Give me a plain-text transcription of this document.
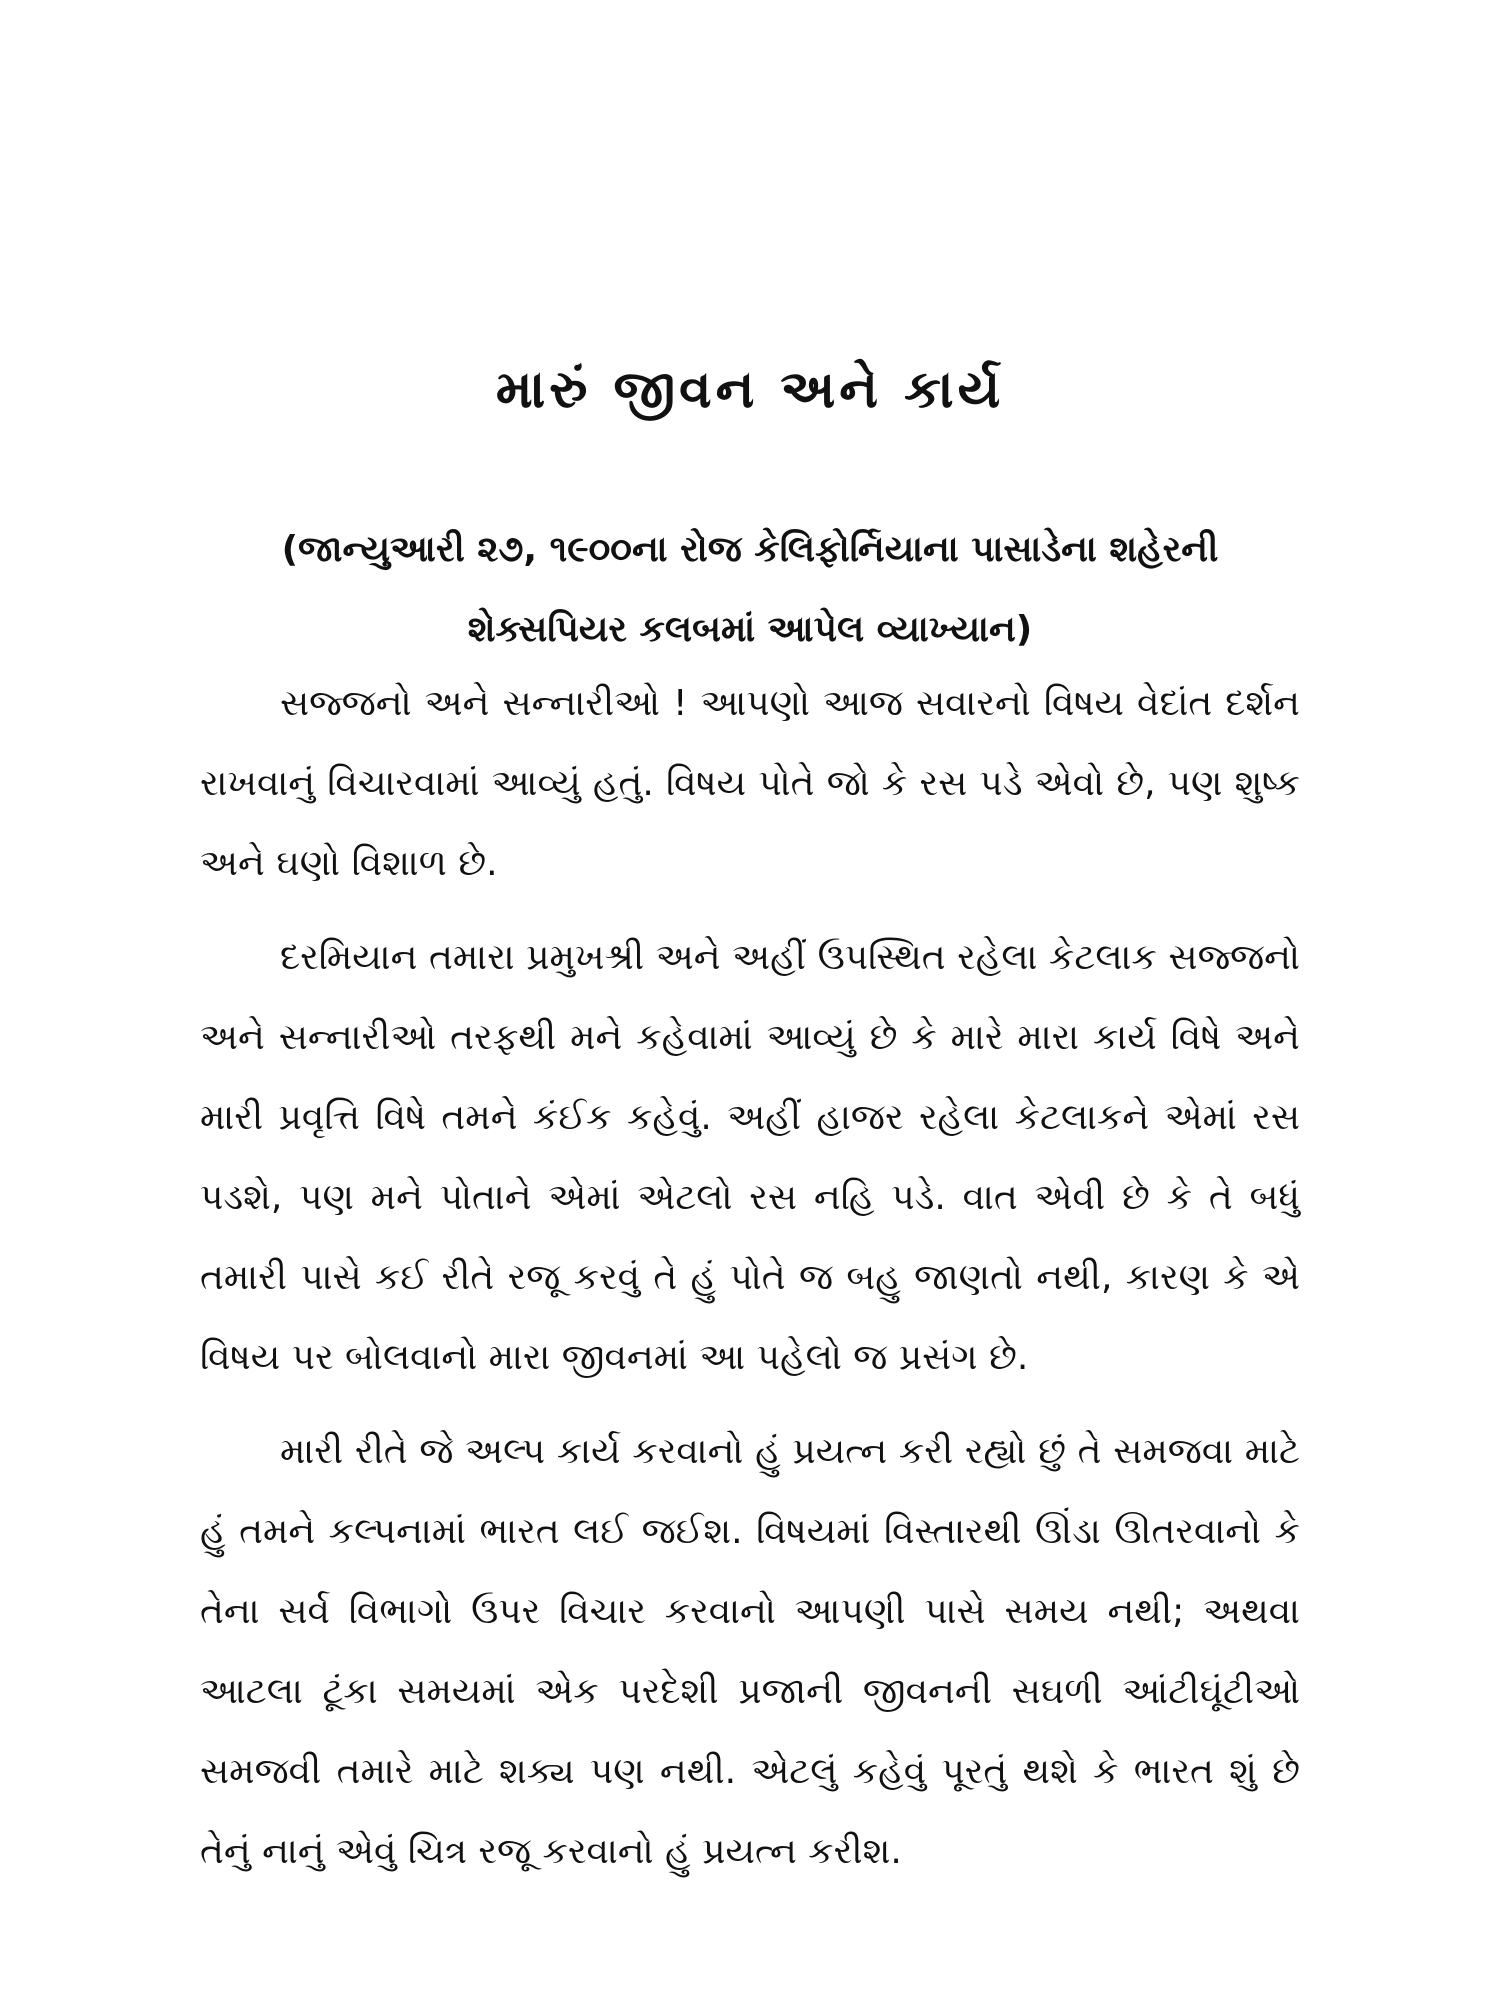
મારું જીવન અને કાર્ય

(જાન્યુઆરી ૨૭, ૧૯૦૦ના રોજ કેલિફોર્નિયાના પાસાડેના શહેરની શેક્સપિયર કલબમાં આપેલ વ્યાખ્યાન)

સજ્જનો અને સન્નારીઓ ! આપણો આજ સવારનો વિષય વેદાંત દર્શન રાખવાનું વિચારવામાં આવ્યું હતું. વિષય પોતે જો કે રસ પડે એવો છે, પણ શુષ્ક અને ઘણો વિશાળ છે.

દરમિયાન તમારા પ્રમુખશ્રી અને અહીં ઉપસ્થિત રહેલા કેટલાક સજ્જનો અને સન્નારીઓ તરફથી મને કહેવામાં આવ્યું છે કે મારે મારા કાર્ય વિષે અને મારી પ્રવૃત્તિ વિષે તમને કંઈક કહેવું. અહીં હાજર રહેલા કેટલાકને એમાં રસ પડશે, પણ મને પોતાને એમાં એટલો રસ નહિ પડે. વાત એવી છે કે તે બધું તમારી પાસે કઈ રીતે રજૂ કરવું તે હું પોતે જ બહુ જાણતો નથી, કારણ કે એ વિષય પર બોલવાનો મારા જીવનમાં આ પહેલો જ પ્રસંગ છે.

મારી રીતે જે અલ્પ કાર્ય કરવાનો હું પ્રયત્ન કરી રહ્યો છું તે સમજવા માટે હું તમને કલ્પનામાં ભારત લઈ જઈશ. વિષયમાં વિસ્તારથી ઊંડા ઊતરવાનો કે તેના સર્વ વિભાગો ઉપર વિચાર કરવાનો આપણી પાસે સમય નથી; અથવા આટલા ટૂંકા સમયમાં એક પરદેશી પ્રજાની જીવનની સઘળી આંટીઘૂંટીઓ સમજવી તમારે માટે શક્ય પણ નથી. એટલું કહેવું પૂરતું થશે કે ભારત શું છે તેનું નાનું એવું ચિત્ર રજૂ કરવાનો હું પ્રયત્ન કરીશ.
